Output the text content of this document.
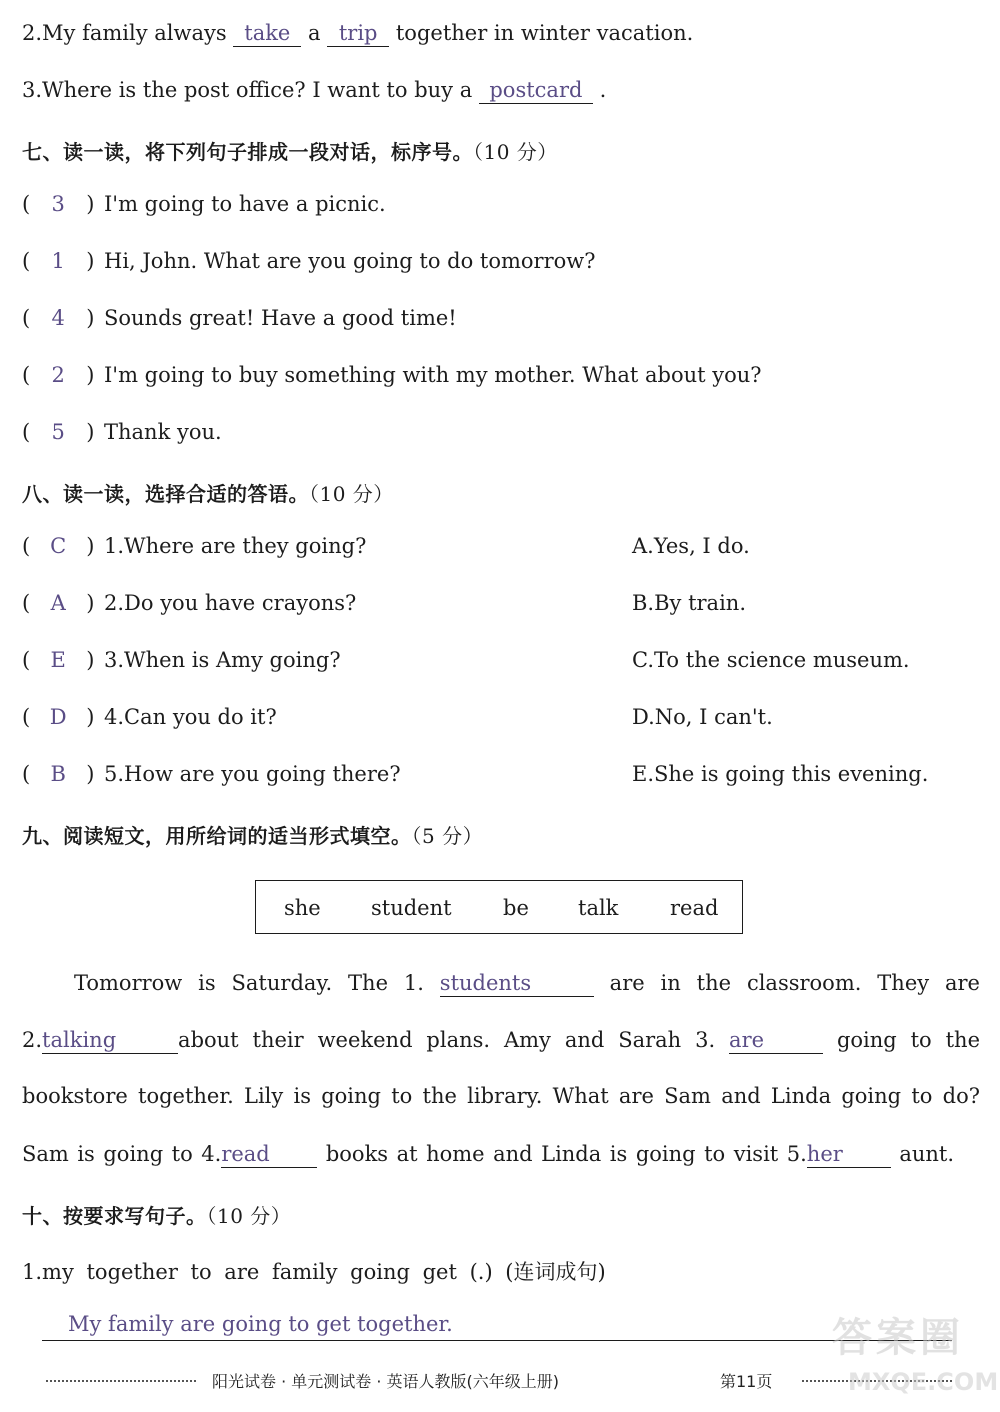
2.My family always take a trip together in winter vacation.
3.Where is the post office? I want to buy a postcard .
七、读一读，将下列句子排成一段对话，标序号。（10 分）
( 3 ) I'm going to have a picnic.
( 1 ) Hi, John. What are you going to do tomorrow?
( 4 ) Sounds great! Have a good time!
( 2 ) I'm going to buy something with my mother. What about you?
( 5 ) Thank you.
八、读一读，选择合适的答语。（10 分）
( C ) 1.Where are they going?	A.Yes, I do.
( A ) 2.Do you have crayons?	B.By train.
( E ) 3.When is Amy going?	C.To the science museum.
( D ) 4.Can you do it?	D.No, I can't.
( B ) 5.How are you going there?	E.She is going this evening.
九、阅读短文，用所给词的适当形式填空。（5 分）
she student be talk read
Tomorrow is Saturday. The 1. students	are in the classroom. They are
2.talking	about their weekend plans. Amy and Sarah 3. are	going to the
bookstore together. Lily is going to the library. What are Sam and Linda going to do?
Sam is going to 4.read books at home and Linda is going to visit 5.her aunt.
十、按要求写句子。（10 分）
1.my together to are family going get (.) (连词成句)
My family are going to get together.
阳光试卷 · 单元测试卷 · 英语人教版(六年级上册)	第11页
答案圈
MXQE.COM
